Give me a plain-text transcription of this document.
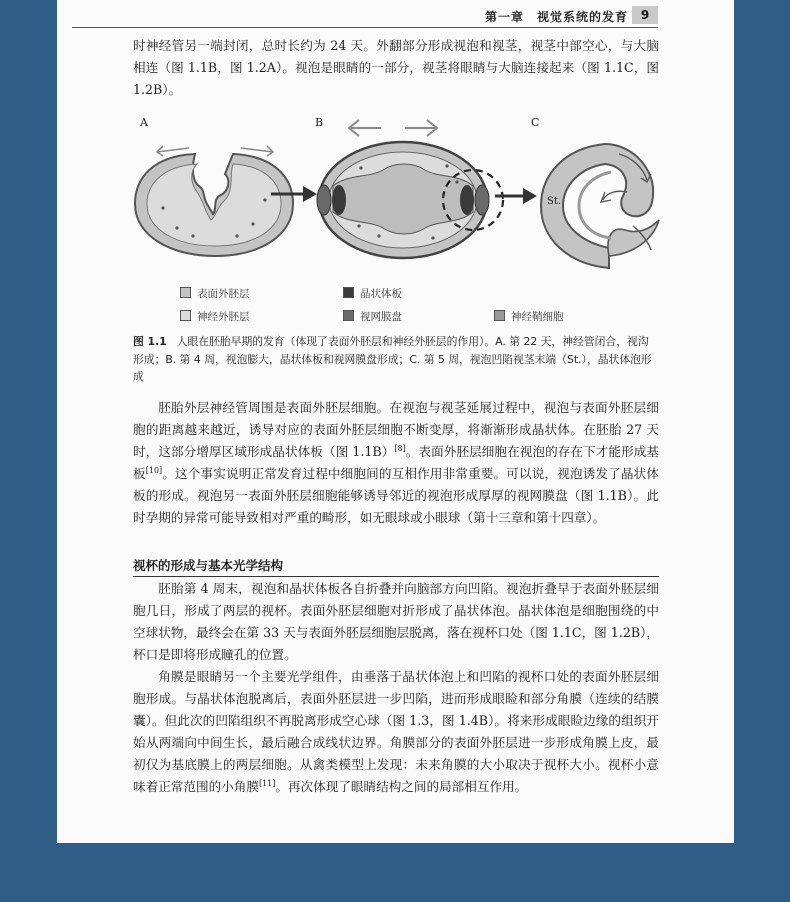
第一章　视觉系统的发育	9

时神经管另一端封闭，总时长约为 24 天。外翻部分形成视泡和视茎，视茎中部空心，与大脑相连（图 1.1B，图 1.2A）。视泡是眼睛的一部分，视茎将眼睛与大脑连接起来（图 1.1C，图 1.2B）。

A	B	C
St.
表面外胚层	晶状体板
神经外胚层	视网膜盘	神经鞘细胞
图 1.1 人眼在胚胎早期的发育（体现了表面外胚层和神经外胚层的作用）。A. 第 22 天，神经管闭合，视沟形成；B. 第 4 周，视泡膨大，晶状体板和视网膜盘形成；C. 第 5 周，视泡凹陷视茎末端（St.），晶状体泡形成

胚胎外层神经管周围是表面外胚层细胞。在视泡与视茎延展过程中，视泡与表面外胚层细胞的距离越来越近，诱导对应的表面外胚层细胞不断变厚，将渐渐形成晶状体。在胚胎 27 天时，这部分增厚区域形成晶状体板（图 1.1B）[8]。表面外胚层细胞在视泡的存在下才能形成基板[10]。这个事实说明正常发育过程中细胞间的互相作用非常重要。可以说，视泡诱发了晶状体板的形成。视泡另一表面外胚层细胞能够诱导邻近的视泡形成厚厚的视网膜盘（图 1.1B）。此时孕期的异常可能导致相对严重的畸形，如无眼球或小眼球（第十三章和第十四章）。

视杯的形成与基本光学结构

胚胎第 4 周末，视泡和晶状体板各自折叠并向脑部方向凹陷。视泡折叠早于表面外胚层细胞几日，形成了两层的视杯。表面外胚层细胞对折形成了晶状体泡。晶状体泡是细胞围绕的中空球状物，最终会在第 33 天与表面外胚层细胞层脱离，落在视杯口处（图 1.1C，图 1.2B），杯口是即将形成瞳孔的位置。

角膜是眼睛另一个主要光学组件，由垂落于晶状体泡上和凹陷的视杯口处的表面外胚层细胞形成。与晶状体泡脱离后，表面外胚层进一步凹陷，进而形成眼睑和部分角膜（连续的结膜囊）。但此次的凹陷组织不再脱离形成空心球（图 1.3，图 1.4B）。将来形成眼睑边缘的组织开始从两端向中间生长，最后融合成线状边界。角膜部分的表面外胚层进一步形成角膜上皮，最初仅为基底膜上的两层细胞。从禽类模型上发现：未来角膜的大小取决于视杯大小。视杯小意味着正常范围的小角膜[11]。再次体现了眼睛结构之间的局部相互作用。
